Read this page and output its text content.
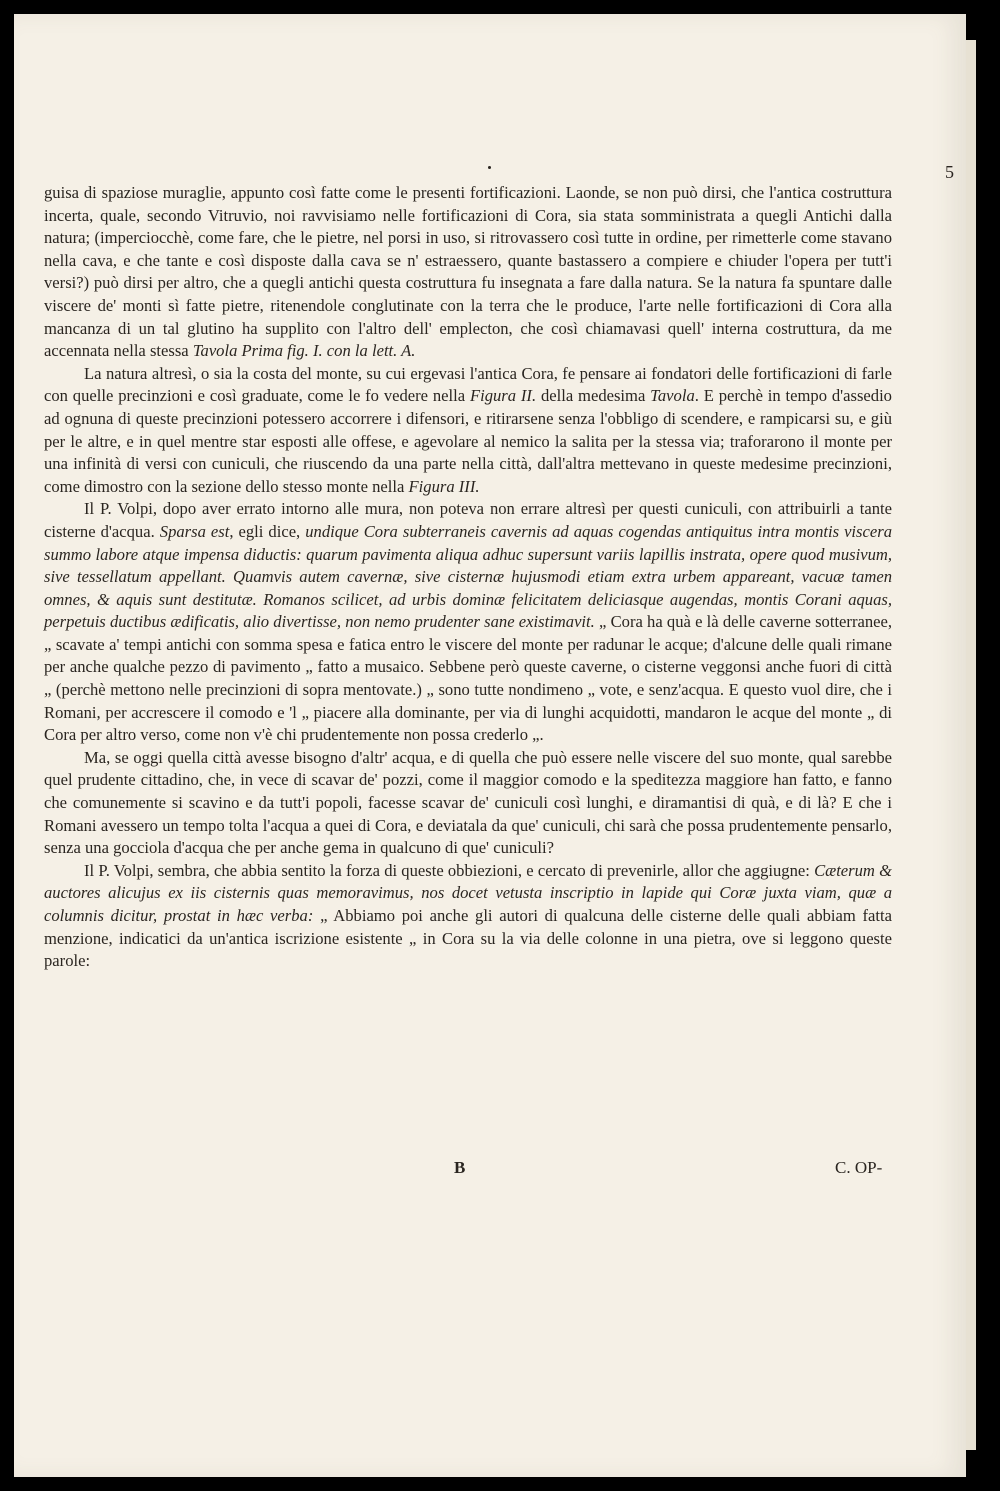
5

guisa di spaziose muraglie, appunto così fatte come le presenti fortificazioni. Laonde, se non può dirsi, che l'antica costruttura incerta, quale, secondo Vitruvio, noi ravvisiamo nelle fortificazioni di Cora, sia stata somministrata a quegli Antichi dalla natura; (imperciocchè, come fare, che le pietre, nel porsi in uso, si ritrovassero così tutte in ordine, per rimetterle come stavano nella cava, e che tante e così disposte dalla cava se n' estraessero, quante bastassero a compiere e chiuder l'opera per tutt'i versi?) può dirsi per altro, che a quegli antichi questa costruttura fu insegnata a fare dalla natura. Se la natura fa spuntare dalle viscere de' monti sì fatte pietre, ritenendole conglutinate con la terra che le produce, l'arte nelle fortificazioni di Cora alla mancanza di un tal glutino ha supplito con l'altro dell' emplecton, che così chiamavasi quell' interna costruttura, da me accennata nella stessa Tavola Prima fig. I. con la lett. A.

La natura altresì, o sia la costa del monte, su cui ergevasi l'antica Cora, fe pensare ai fondatori delle fortificazioni di farle con quelle precinzioni e così graduate, come le fo vedere nella Figura II. della medesima Tavola. E perchè in tempo d'assedio ad ognuna di queste precinzioni potessero accorrere i difensori, e ritirarsene senza l'obbligo di scendere, e rampicarsi su, e giù per le altre, e in quel mentre star esposti alle offese, e agevolare al nemico la salita per la stessa via; traforarono il monte per una infinità di versi con cuniculi, che riuscendo da una parte nella città, dall'altra mettevano in queste medesime precinzioni, come dimostro con la sezione dello stesso monte nella Figura III.

Il P. Volpi, dopo aver errato intorno alle mura, non poteva non errare altresì per questi cuniculi, con attribuirli a tante cisterne d'acqua. Sparsa est, egli dice, undique Cora subterraneis cavernis ad aquas cogendas antiquitus intra montis viscera summo labore atque impensa diductis: quarum pavimenta aliqua adhuc supersunt variis lapillis instrata, opere quod musivum, sive tessellatum appellant. Quamvis autem cavernæ, sive cisternæ hujusmodi etiam extra urbem appareant, vacuæ tamen omnes, & aquis sunt destitutæ. Romanos scilicet, ad urbis dominæ felicitatem deliciasque augendas, montis Corani aquas, perpetuis ductibus ædificatis, alio divertisse, non nemo prudenter sane existimavit. „ Cora ha quà e là delle caverne sotterranee, „ scavate a' tempi antichi con somma spesa e fatica entro le viscere del monte per radunar le acque; d'alcune delle quali rimane per anche qualche pezzo di pavimento „ fatto a musaico. Sebbene però queste caverne, o cisterne veggonsi anche fuori di città „ (perchè mettono nelle precinzioni di sopra mentovate.) „ sono tutte nondimeno „ vote, e senz'acqua. E questo vuol dire, che i Romani, per accrescere il comodo e 'l „ piacere alla dominante, per via di lunghi acquidotti, mandaron le acque del monte „ di Cora per altro verso, come non v'è chi prudentemente non possa crederlo „.

Ma, se oggi quella città avesse bisogno d'altr' acqua, e di quella che può essere nelle viscere del suo monte, qual sarebbe quel prudente cittadino, che, in vece di scavar de' pozzi, come il maggior comodo e la speditezza maggiore han fatto, e fanno che comunemente si scavino e da tutt'i popoli, facesse scavar de' cuniculi così lunghi, e diramantisi di quà, e di là? E che i Romani avessero un tempo tolta l'acqua a quei di Cora, e deviatala da que' cuniculi, chi sarà che possa prudentemente pensarlo, senza una gocciola d'acqua che per anche gema in qualcuno di que' cuniculi?

Il P. Volpi, sembra, che abbia sentito la forza di queste obbiezioni, e cercato di prevenirle, allor che aggiugne: Cæterum & auctores alicujus ex iis cisternis quas memoravimus, nos docet vetusta inscriptio in lapide qui Coræ juxta viam, quæ a columnis dicitur, prostat in hæc verba: „ Abbiamo poi anche gli autori di qualcuna delle cisterne delle quali abbiam fatta menzione, indicatici da un'antica iscrizione esistente „ in Cora su la via delle colonne in una pietra, ove si leggono queste parole:

B	C. OP-
